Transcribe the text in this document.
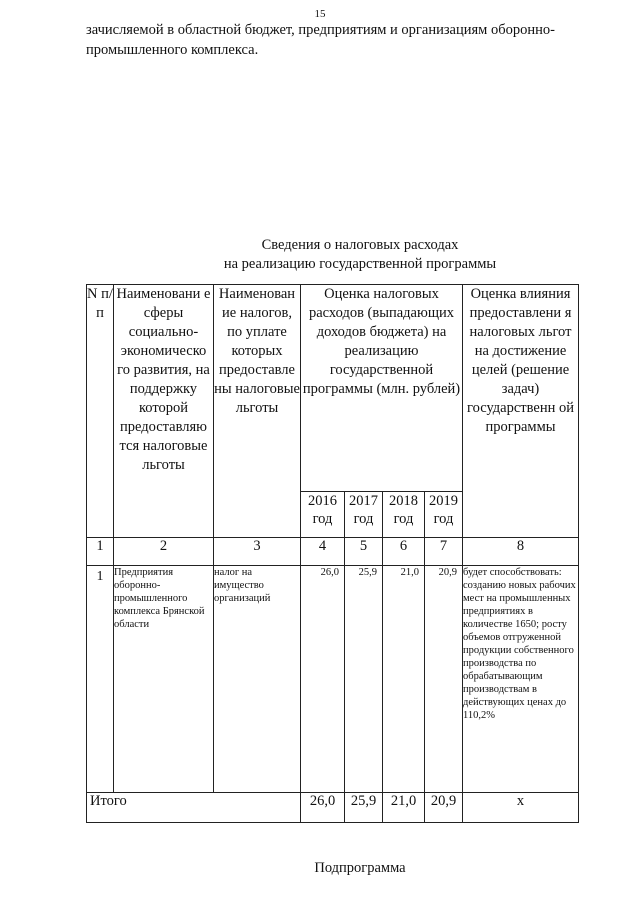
15
зачисляемой в областной бюджет, предприятиям и организациям оборонно-
промышленного комплекса.
Сведения о налоговых расходах
на реализацию государственной программы
N п/п	Наименовани е сферы социально-экономическо го развития, на поддержку которой предоставляю тся налоговые льготы	Наименован ие налогов, по уплате которых предоставле ны налоговые льготы	Оценка налоговых расходов (выпадающих доходов бюджета) на реализацию государственной программы (млн. рублей)				Оценка влияния предоставлени я налоговых льгот на достижение целей (решение задач) государственн ой программы
			2016 год	2017 год	2018 год	2019 год	
1	2	3	4	5	6	7	8
1	Предприятия оборонно-промышленного комплекса Брянской области	налог на имущество организаций	26,0	25,9	21,0	20,9	будет способствовать: созданию новых рабочих мест на промышленных предприятиях в количестве 1650; росту объемов отгруженной продукции собственного производства по обрабатывающим производствам в действующих ценах до 110,2%
Итого			26,0	25,9	21,0	20,9	x
Подпрограмма
